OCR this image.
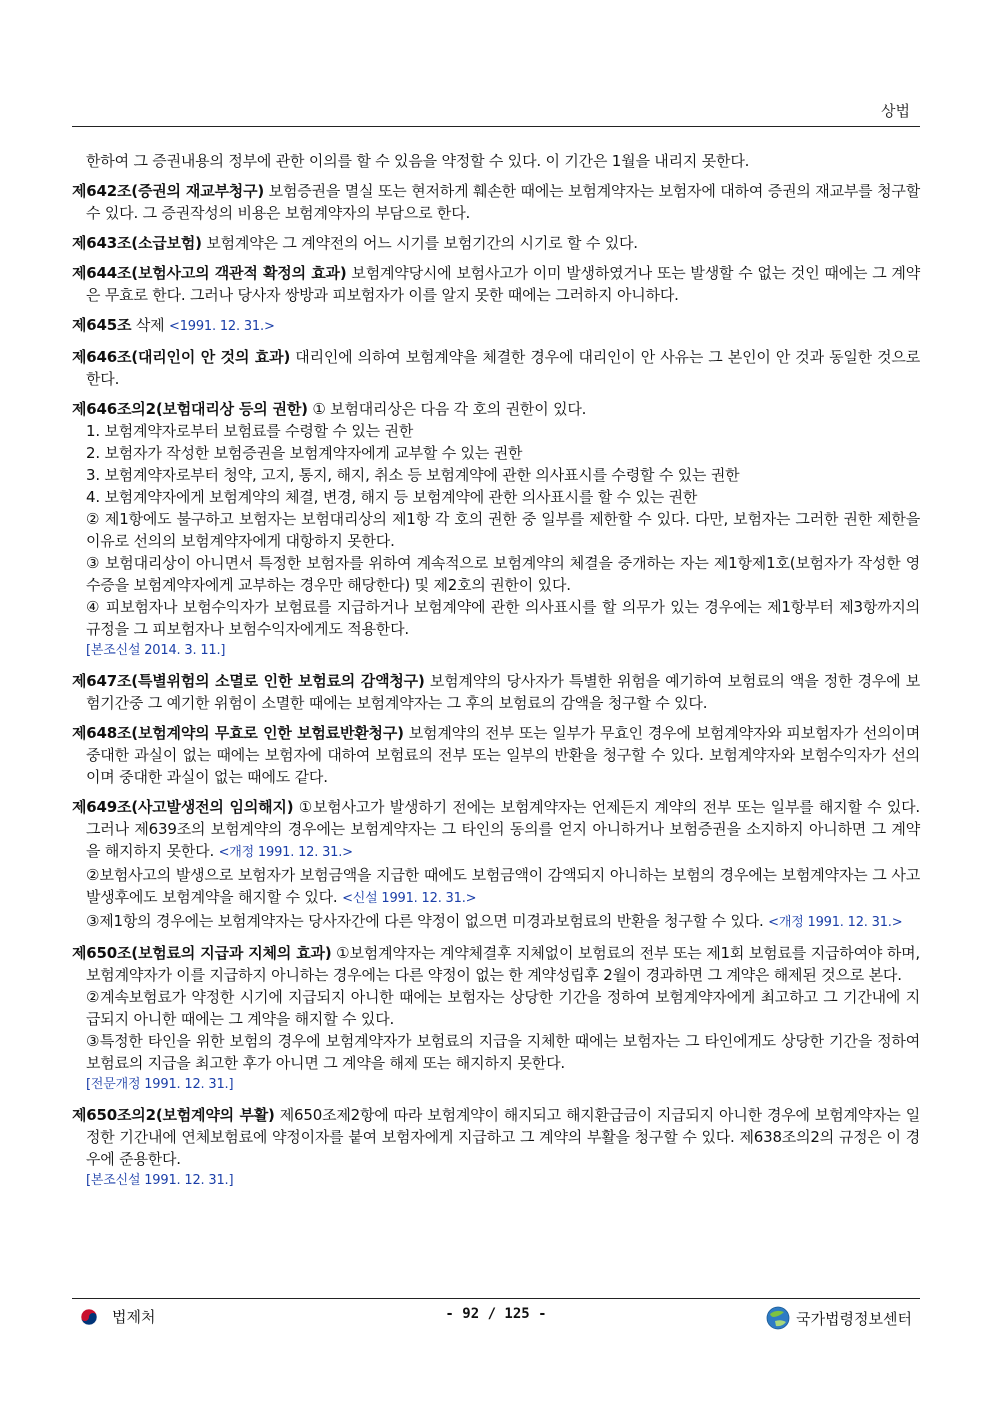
상법

한하여 그 증권내용의 정부에 관한 이의를 할 수 있음을 약정할 수 있다. 이 기간은 1월을 내리지 못한다.

제642조(증권의 재교부청구) 보험증권을 멸실 또는 현저하게 훼손한 때에는 보험계약자는 보험자에 대하여 증권의 재교부를 청구할 수 있다. 그 증권작성의 비용은 보험계약자의 부담으로 한다.

제643조(소급보험) 보험계약은 그 계약전의 어느 시기를 보험기간의 시기로 할 수 있다.

제644조(보험사고의 객관적 확정의 효과) 보험계약당시에 보험사고가 이미 발생하였거나 또는 발생할 수 없는 것인 때에는 그 계약은 무효로 한다. 그러나 당사자 쌍방과 피보험자가 이를 알지 못한 때에는 그러하지 아니하다.

제645조 삭제 <1991. 12. 31.>

제646조(대리인이 안 것의 효과) 대리인에 의하여 보험계약을 체결한 경우에 대리인이 안 사유는 그 본인이 안 것과 동일한 것으로 한다.

제646조의2(보험대리상 등의 권한) ① 보험대리상은 다음 각 호의 권한이 있다.

1. 보험계약자로부터 보험료를 수령할 수 있는 권한

2. 보험자가 작성한 보험증권을 보험계약자에게 교부할 수 있는 권한

3. 보험계약자로부터 청약, 고지, 통지, 해지, 취소 등 보험계약에 관한 의사표시를 수령할 수 있는 권한

4. 보험계약자에게 보험계약의 체결, 변경, 해지 등 보험계약에 관한 의사표시를 할 수 있는 권한

② 제1항에도 불구하고 보험자는 보험대리상의 제1항 각 호의 권한 중 일부를 제한할 수 있다. 다만, 보험자는 그러한 권한 제한을 이유로 선의의 보험계약자에게 대항하지 못한다.

③ 보험대리상이 아니면서 특정한 보험자를 위하여 계속적으로 보험계약의 체결을 중개하는 자는 제1항제1호(보험자가 작성한 영수증을 보험계약자에게 교부하는 경우만 해당한다) 및 제2호의 권한이 있다.

④ 피보험자나 보험수익자가 보험료를 지급하거나 보험계약에 관한 의사표시를 할 의무가 있는 경우에는 제1항부터 제3항까지의 규정을 그 피보험자나 보험수익자에게도 적용한다.

[본조신설 2014. 3. 11.]

제647조(특별위험의 소멸로 인한 보험료의 감액청구) 보험계약의 당사자가 특별한 위험을 예기하여 보험료의 액을 정한 경우에 보험기간중 그 예기한 위험이 소멸한 때에는 보험계약자는 그 후의 보험료의 감액을 청구할 수 있다.

제648조(보험계약의 무효로 인한 보험료반환청구) 보험계약의 전부 또는 일부가 무효인 경우에 보험계약자와 피보험자가 선의이며 중대한 과실이 없는 때에는 보험자에 대하여 보험료의 전부 또는 일부의 반환을 청구할 수 있다. 보험계약자와 보험수익자가 선의이며 중대한 과실이 없는 때에도 같다.

제649조(사고발생전의 임의해지) ①보험사고가 발생하기 전에는 보험계약자는 언제든지 계약의 전부 또는 일부를 해지할 수 있다. 그러나 제639조의 보험계약의 경우에는 보험계약자는 그 타인의 동의를 얻지 아니하거나 보험증권을 소지하지 아니하면 그 계약을 해지하지 못한다. <개정 1991. 12. 31.>

②보험사고의 발생으로 보험자가 보험금액을 지급한 때에도 보험금액이 감액되지 아니하는 보험의 경우에는 보험계약자는 그 사고발생후에도 보험계약을 해지할 수 있다. <신설 1991. 12. 31.>

③제1항의 경우에는 보험계약자는 당사자간에 다른 약정이 없으면 미경과보험료의 반환을 청구할 수 있다. <개정 1991. 12. 31.>

제650조(보험료의 지급과 지체의 효과) ①보험계약자는 계약체결후 지체없이 보험료의 전부 또는 제1회 보험료를 지급하여야 하며, 보험계약자가 이를 지급하지 아니하는 경우에는 다른 약정이 없는 한 계약성립후 2월이 경과하면 그 계약은 해제된 것으로 본다.

②계속보험료가 약정한 시기에 지급되지 아니한 때에는 보험자는 상당한 기간을 정하여 보험계약자에게 최고하고 그 기간내에 지급되지 아니한 때에는 그 계약을 해지할 수 있다.

③특정한 타인을 위한 보험의 경우에 보험계약자가 보험료의 지급을 지체한 때에는 보험자는 그 타인에게도 상당한 기간을 정하여 보험료의 지급을 최고한 후가 아니면 그 계약을 해제 또는 해지하지 못한다.

[전문개정 1991. 12. 31.]

제650조의2(보험계약의 부활) 제650조제2항에 따라 보험계약이 해지되고 해지환급금이 지급되지 아니한 경우에 보험계약자는 일정한 기간내에 연체보험료에 약정이자를 붙여 보험자에게 지급하고 그 계약의 부활을 청구할 수 있다. 제638조의2의 규정은 이 경우에 준용한다.

[본조신설 1991. 12. 31.]

법제처	- 92 / 125 -	국가법령정보센터
